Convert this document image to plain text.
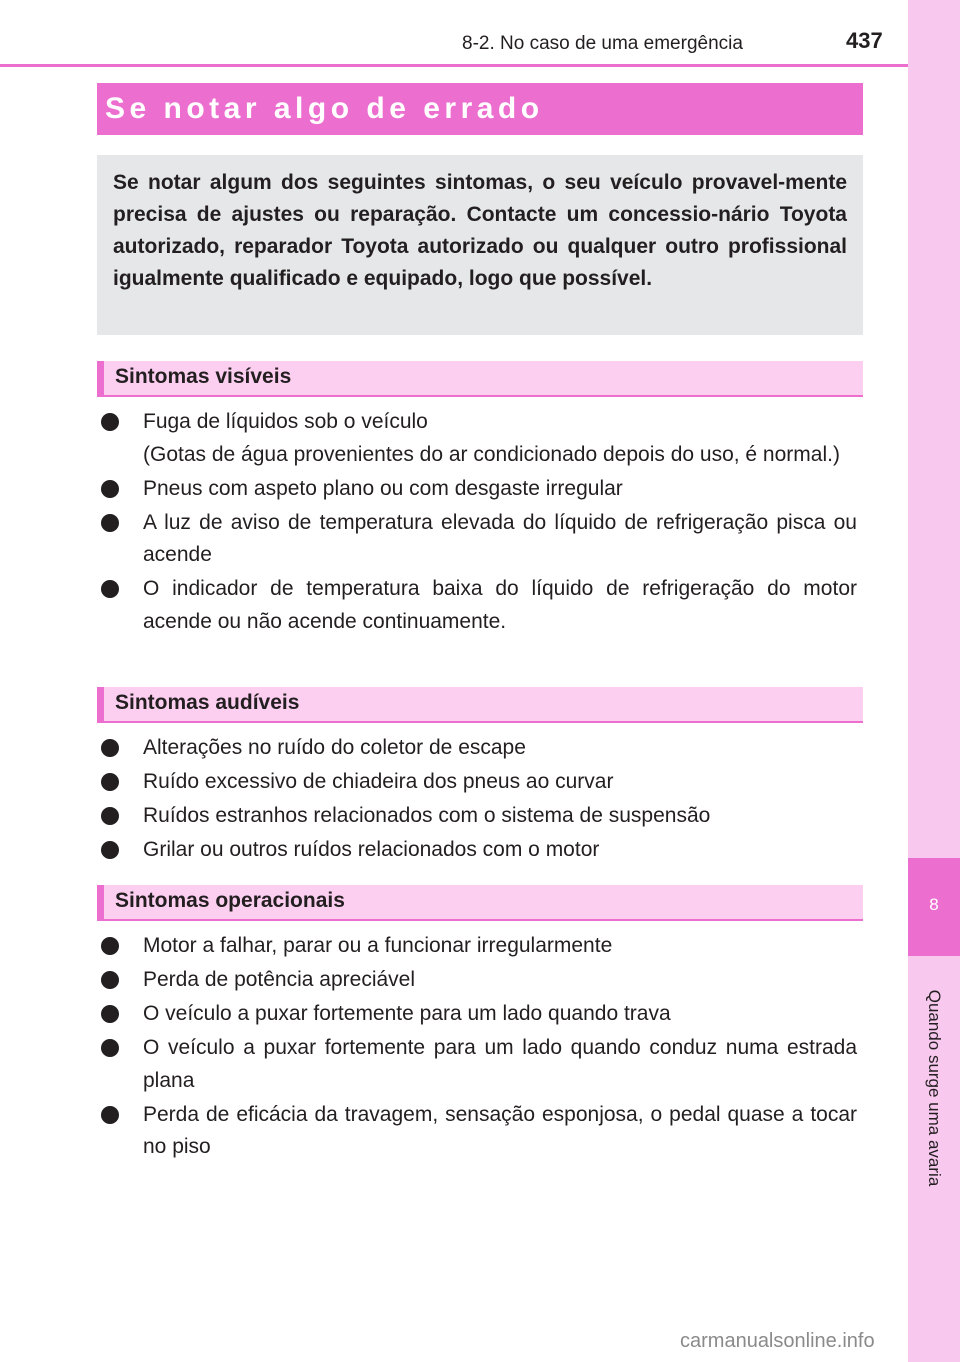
8
Quando surge uma avaria
8-2. No caso de uma emergência	437
Se notar algo de errado

Se notar algum dos seguintes sintomas, o seu veículo provavel-mente precisa de ajustes ou reparação. Contacte um concessio-nário Toyota autorizado, reparador Toyota autorizado ou qualquer outro profissional igualmente qualificado e equipado, logo que possível.

Sintomas visíveis
Fuga de líquidos sob o veículo
(Gotas de água provenientes do ar condicionado depois do uso, é normal.)
Pneus com aspeto plano ou com desgaste irregular
A luz de aviso de temperatura elevada do líquido de refrigeração pisca ou acende
O indicador de temperatura baixa do líquido de refrigeração do motor acende ou não acende continuamente.
Sintomas audíveis
Alterações no ruído do coletor de escape
Ruído excessivo de chiadeira dos pneus ao curvar
Ruídos estranhos relacionados com o sistema de suspensão
Grilar ou outros ruídos relacionados com o motor
Sintomas operacionais
Motor a falhar, parar ou a funcionar irregularmente
Perda de potência apreciável
O veículo a puxar fortemente para um lado quando trava
O veículo a puxar fortemente para um lado quando conduz numa estrada plana
Perda de eficácia da travagem, sensação esponjosa, o pedal quase a tocar no piso
carmanualsonline.info
